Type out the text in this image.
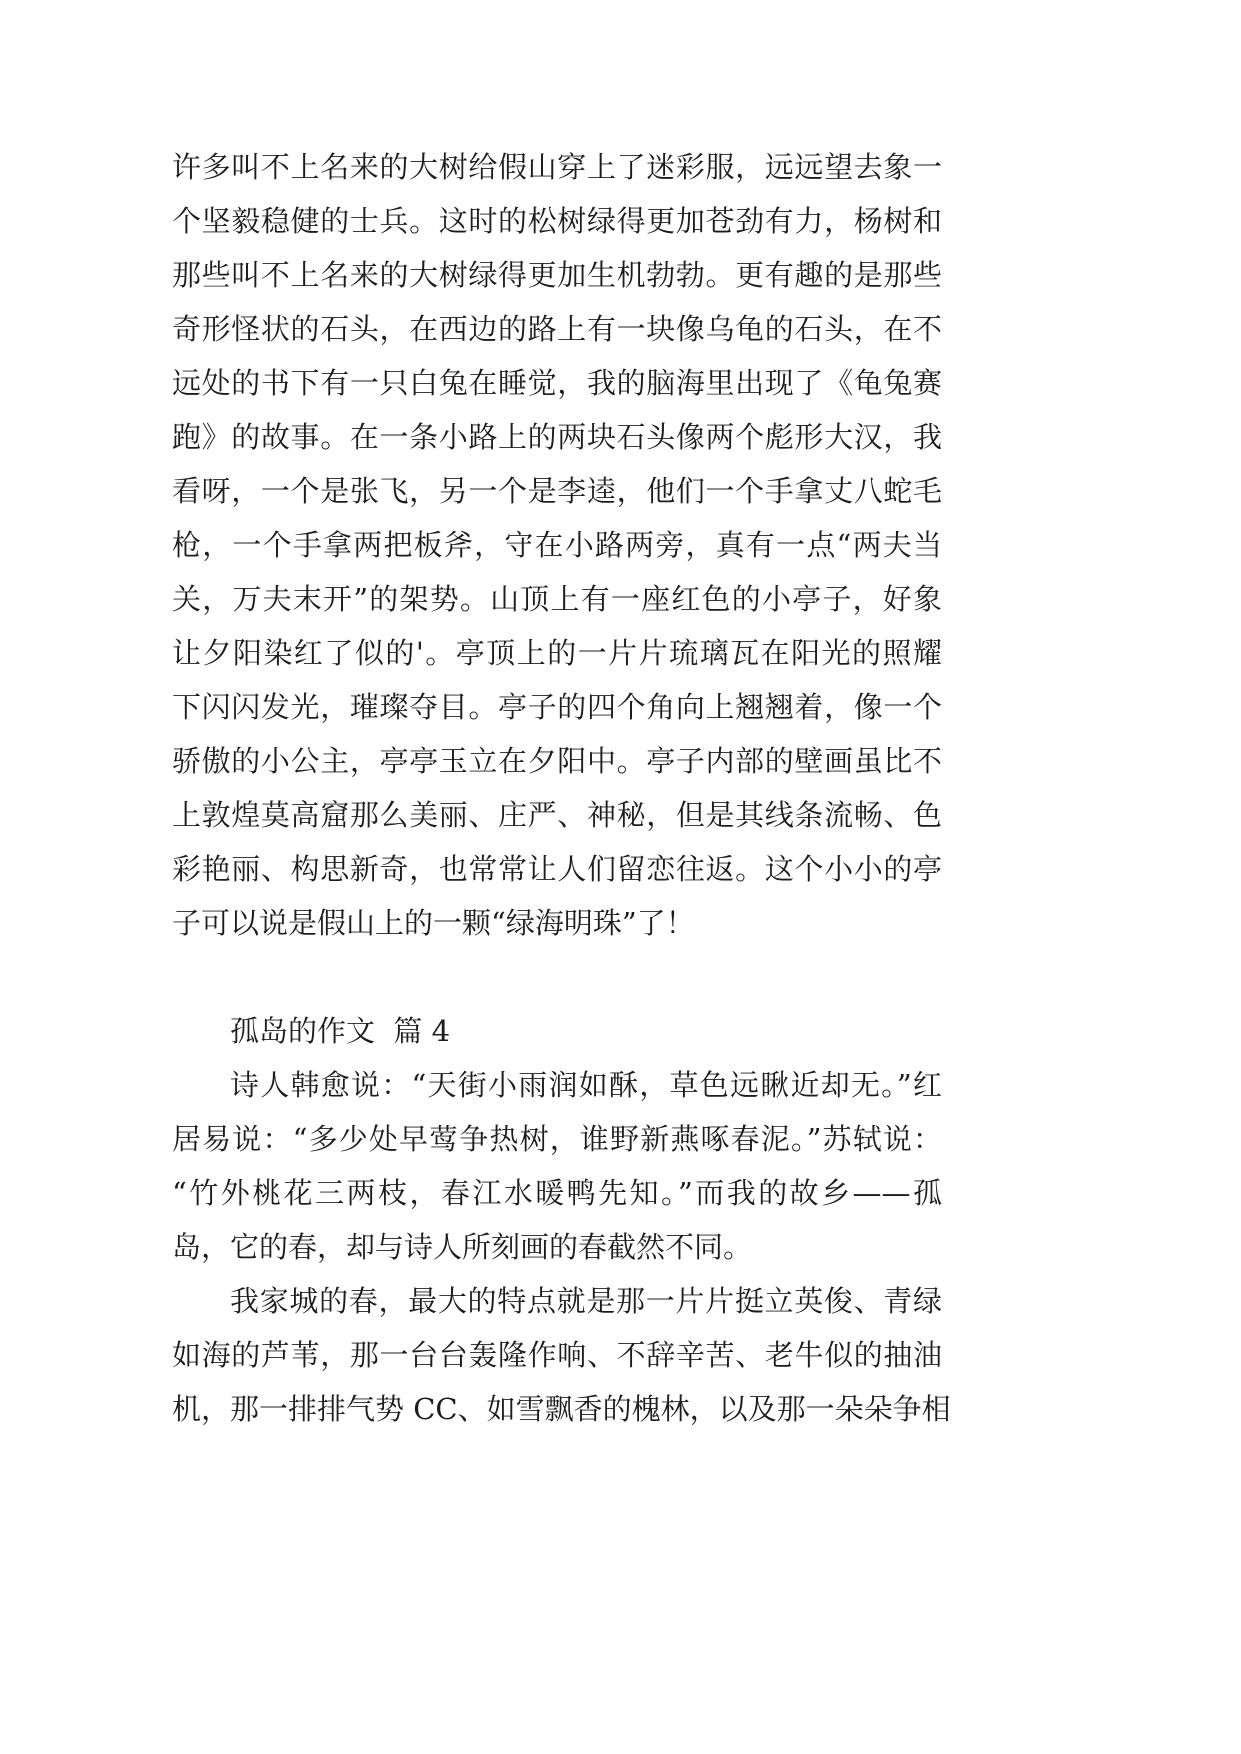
许多叫不上名来的大树给假山穿上了迷彩服，远远望去象一
个坚毅稳健的士兵。这时的松树绿得更加苍劲有力，杨树和
那些叫不上名来的大树绿得更加生机勃勃。更有趣的是那些
奇形怪状的石头，在西边的路上有一块像乌龟的石头，在不
远处的书下有一只白兔在睡觉，我的脑海里出现了《龟兔赛
跑》的故事。在一条小路上的两块石头像两个彪形大汉，我
看呀，一个是张飞，另一个是李逵，他们一个手拿丈八蛇毛
枪，一个手拿两把板斧，守在小路两旁，真有一点“两夫当
关，万夫末开”的架势。山顶上有一座红色的小亭子，好象
让夕阳染红了似的'。亭顶上的一片片琉璃瓦在阳光的照耀
下闪闪发光，璀璨夺目。亭子的四个角向上翘翘着，像一个
骄傲的小公主，亭亭玉立在夕阳中。亭子内部的壁画虽比不
上敦煌莫高窟那么美丽、庄严、神秘，但是其线条流畅、色
彩艳丽、构思新奇，也常常让人们留恋往返。这个小小的亭
子可以说是假山上的一颗“绿海明珠”了！
孤岛的作文  篇 4
诗人韩愈说：“天街小雨润如酥，草色远瞅近却无。”红
居易说：“多少处早莺争热树，谁野新燕啄春泥。”苏轼说：
“竹外桃花三两枝，春江水暖鸭先知。”而我的故乡——孤
岛，它的春，却与诗人所刻画的春截然不同。
我家城的春，最大的特点就是那一片片挺立英俊、青绿
如海的芦苇，那一台台轰隆作响、不辞辛苦、老牛似的抽油
机，那一排排气势 CC、如雪飘香的槐林，以及那一朵朵争相
